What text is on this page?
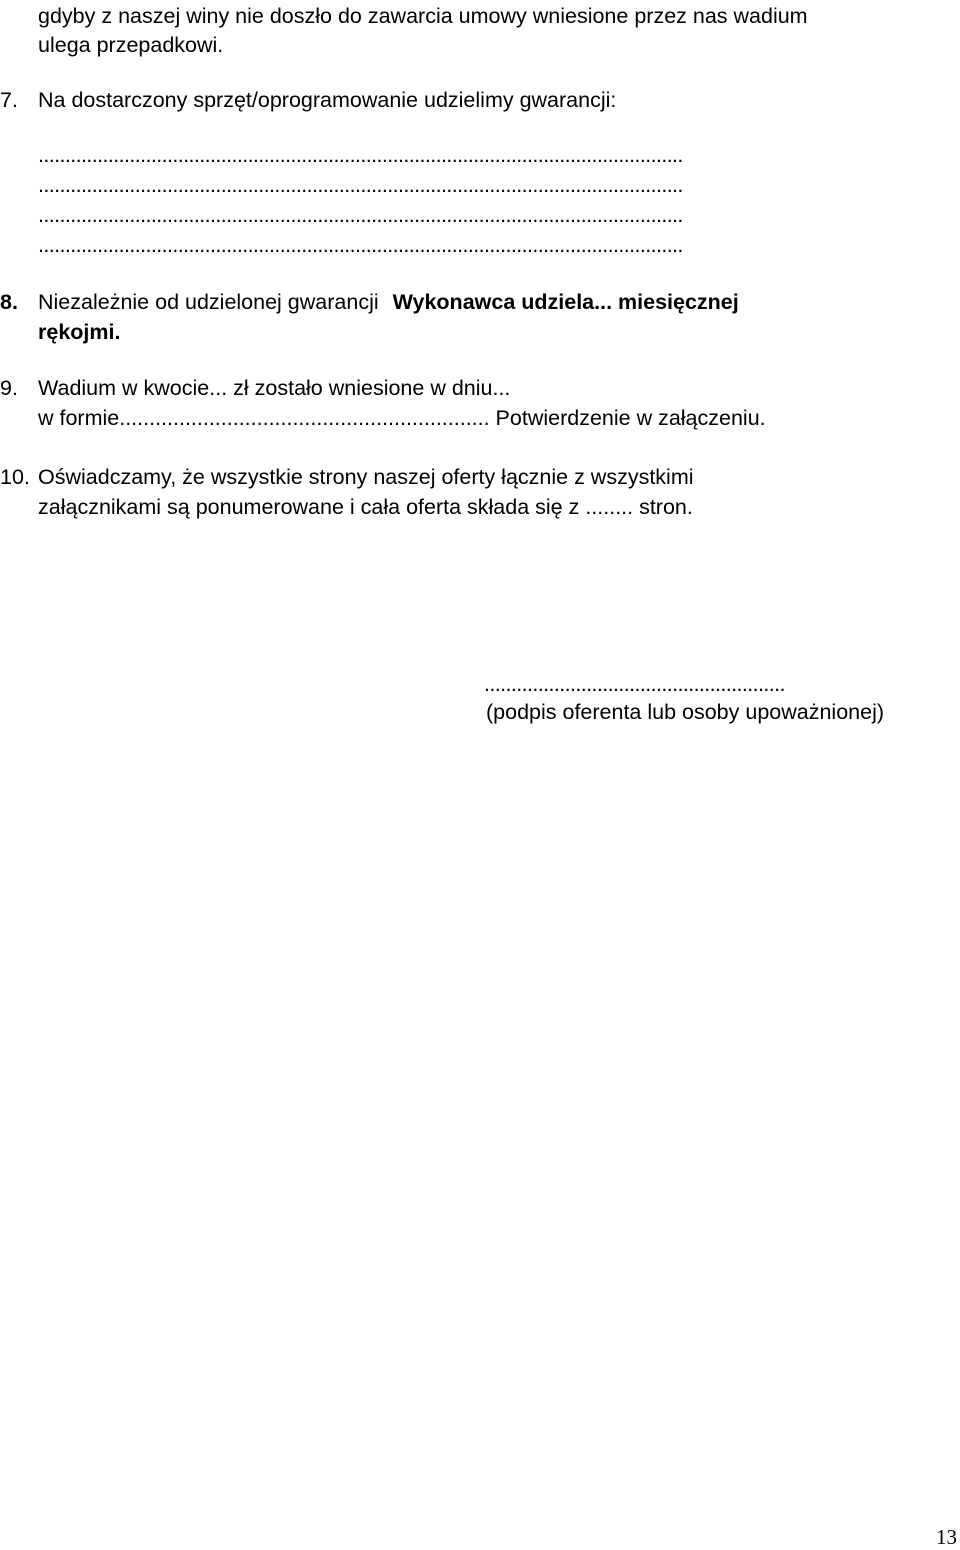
gdyby z naszej winy nie doszło do zawarcia umowy wniesione przez nas wadium
ulega przepadkowi.
7. Na dostarczony sprzęt/oprogramowanie udzielimy gwarancji:
........................................................................................................................
........................................................................................................................
........................................................................................................................
........................................................................................................................
8. Niezależnie od udzielonej gwarancji Wykonawca udziela... miesięcznej
rękojmi.
9. Wadium w kwocie... zł zostało wniesione w dniu...
w formie.............................................................. Potwierdzenie w załączeniu.
10. Oświadczamy, że wszystkie strony naszej oferty łącznie z wszystkimi
załącznikami są ponumerowane i cała oferta składa się z ........ stron.
........................................................
(podpis oferenta lub osoby upoważnionej)
13
